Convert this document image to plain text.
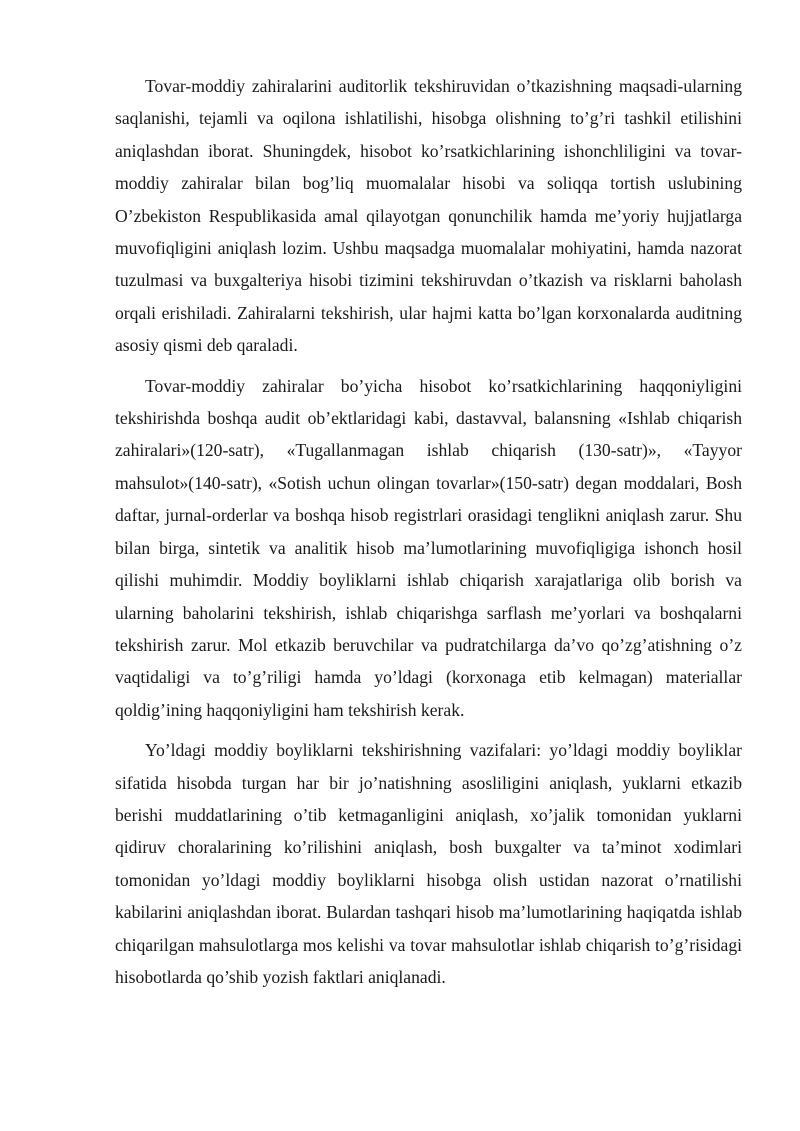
Tovar-moddiy zahiralarini auditorlik tekshiruvidan o’tkazishning maqsadi-ularning saqlanishi, tejamli va oqilona ishlatilishi, hisobga olishning to’g’ri tashkil etilishini aniqlashdan iborat. Shuningdek, hisobot ko’rsatkichlarining ishonchliligini va tovar-moddiy zahiralar bilan bog’liq muomalalar hisobi va soliqqa tortish uslubining O’zbekiston Respublikasida amal qilayotgan qonunchilik hamda me’yoriy hujjatlarga muvofiqligini aniqlash lozim. Ushbu maqsadga muomalalar mohiyatini, hamda nazorat tuzulmasi va buxgalteriya hisobi tizimini tekshiruvdan o’tkazish va risklarni baholash orqali erishiladi. Zahiralarni tekshirish, ular hajmi katta bo’lgan korxonalarda auditning asosiy qismi deb qaraladi.

Tovar-moddiy zahiralar bo’yicha hisobot ko’rsatkichlarining haqqoniyligini tekshirishda boshqa audit ob’ektlaridagi kabi, dastavval, balansning «Ishlab chiqarish zahiralari»(120-satr), «Tugallanmagan ishlab chiqarish (130-satr)», «Tayyor mahsulot»(140-satr), «Sotish uchun olingan tovarlar»(150-satr) degan moddalari, Bosh daftar, jurnal-orderlar va boshqa hisob registrlari orasidagi tenglikni aniqlash zarur. Shu bilan birga, sintetik va analitik hisob ma’lumotlarining muvofiqligiga ishonch hosil qilishi muhimdir. Moddiy boyliklarni ishlab chiqarish xarajatlariga olib borish va ularning baholarini tekshirish, ishlab chiqarishga sarflash me’yorlari va boshqalarni tekshirish zarur. Mol etkazib beruvchilar va pudratchilarga da’vo qo’zg’atishning o’z vaqtidaligi va to’g’riligi hamda yo’ldagi (korxonaga etib kelmagan) materiallar qoldig’ining haqqoniyligini ham tekshirish kerak.

Yo’ldagi moddiy boyliklarni tekshirishning vazifalari: yo’ldagi moddiy boyliklar sifatida hisobda turgan har bir jo’natishning asosliligini aniqlash, yuklarni etkazib berishi muddatlarining o’tib ketmaganligini aniqlash, xo’jalik tomonidan yuklarni qidiruv choralarining ko’rilishini aniqlash, bosh buxgalter va ta’minot xodimlari tomonidan yo’ldagi moddiy boyliklarni hisobga olish ustidan nazorat o’rnatilishi kabilarini aniqlashdan iborat. Bulardan tashqari hisob ma’lumotlarining haqiqatda ishlab chiqarilgan mahsulotlarga mos kelishi va tovar mahsulotlar ishlab chiqarish to’g’risidagi hisobotlarda qo’shib yozish faktlari aniqlanadi.
